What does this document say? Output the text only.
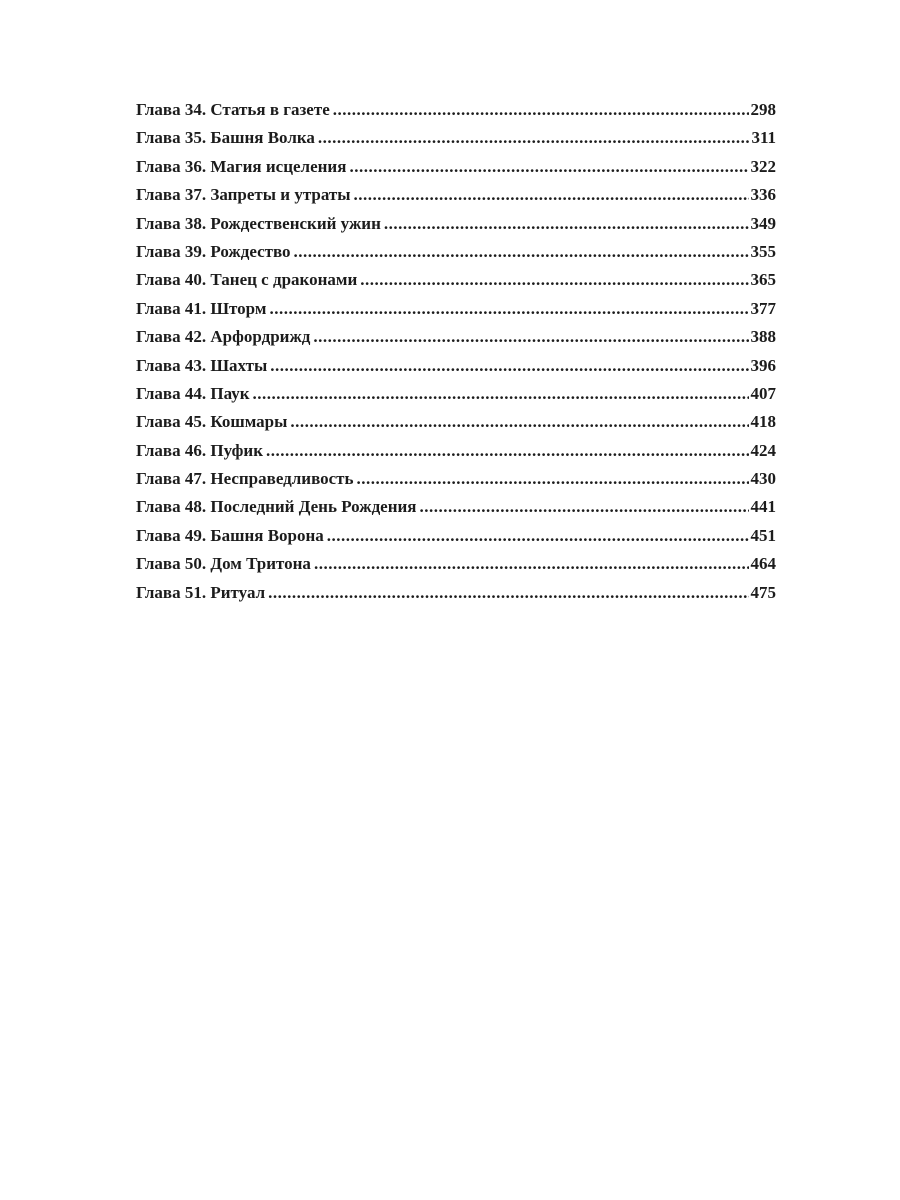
Глава 34. Статья в газете .....	298
Глава 35. Башня Волка .....	311
Глава 36. Магия исцеления .....	322
Глава 37. Запреты и утраты .....	336
Глава 38. Рождественский ужин .....	349
Глава 39. Рождество .....	355
Глава 40. Танец с драконами .....	365
Глава 41. Шторм .....	377
Глава 42. Арфордрижд .....	388
Глава 43. Шахты .....	396
Глава 44. Паук .....	407
Глава 45. Кошмары .....	418
Глава 46. Пуфик .....	424
Глава 47. Несправедливость .....	430
Глава 48. Последний День Рождения .....	441
Глава 49. Башня Ворона .....	451
Глава 50. Дом Тритона .....	464
Глава 51. Ритуал .....	475
